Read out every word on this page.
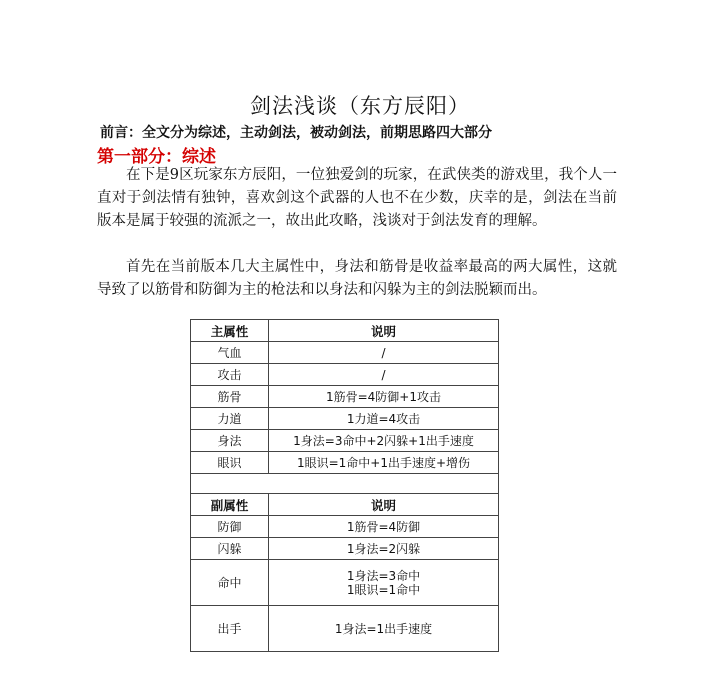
剑法浅谈（东方辰阳）
前言：全文分为综述，主动剑法，被动剑法，前期思路四大部分
第一部分：综述

在下是9区玩家东方辰阳，一位独爱剑的玩家，在武侠类的游戏里，我个人一直对于剑法情有独钟，喜欢剑这个武器的人也不在少数，庆幸的是，剑法在当前版本是属于较强的流派之一，故出此攻略，浅谈对于剑法发育的理解。

首先在当前版本几大主属性中，身法和筋骨是收益率最高的两大属性，这就导致了以筋骨和防御为主的枪法和以身法和闪躲为主的剑法脱颖而出。

主属性	说明
气血	/
攻击	/
筋骨	1筋骨=4防御+1攻击
力道	1力道=4攻击
身法	1身法=3命中+2闪躲+1出手速度
眼识	1眼识=1命中+1出手速度+增伤

副属性	说明
防御	1筋骨=4防御
闪躲	1身法=2闪躲
命中	1身法=3命中
1眼识=1命中

出手	1身法=1出手速度
